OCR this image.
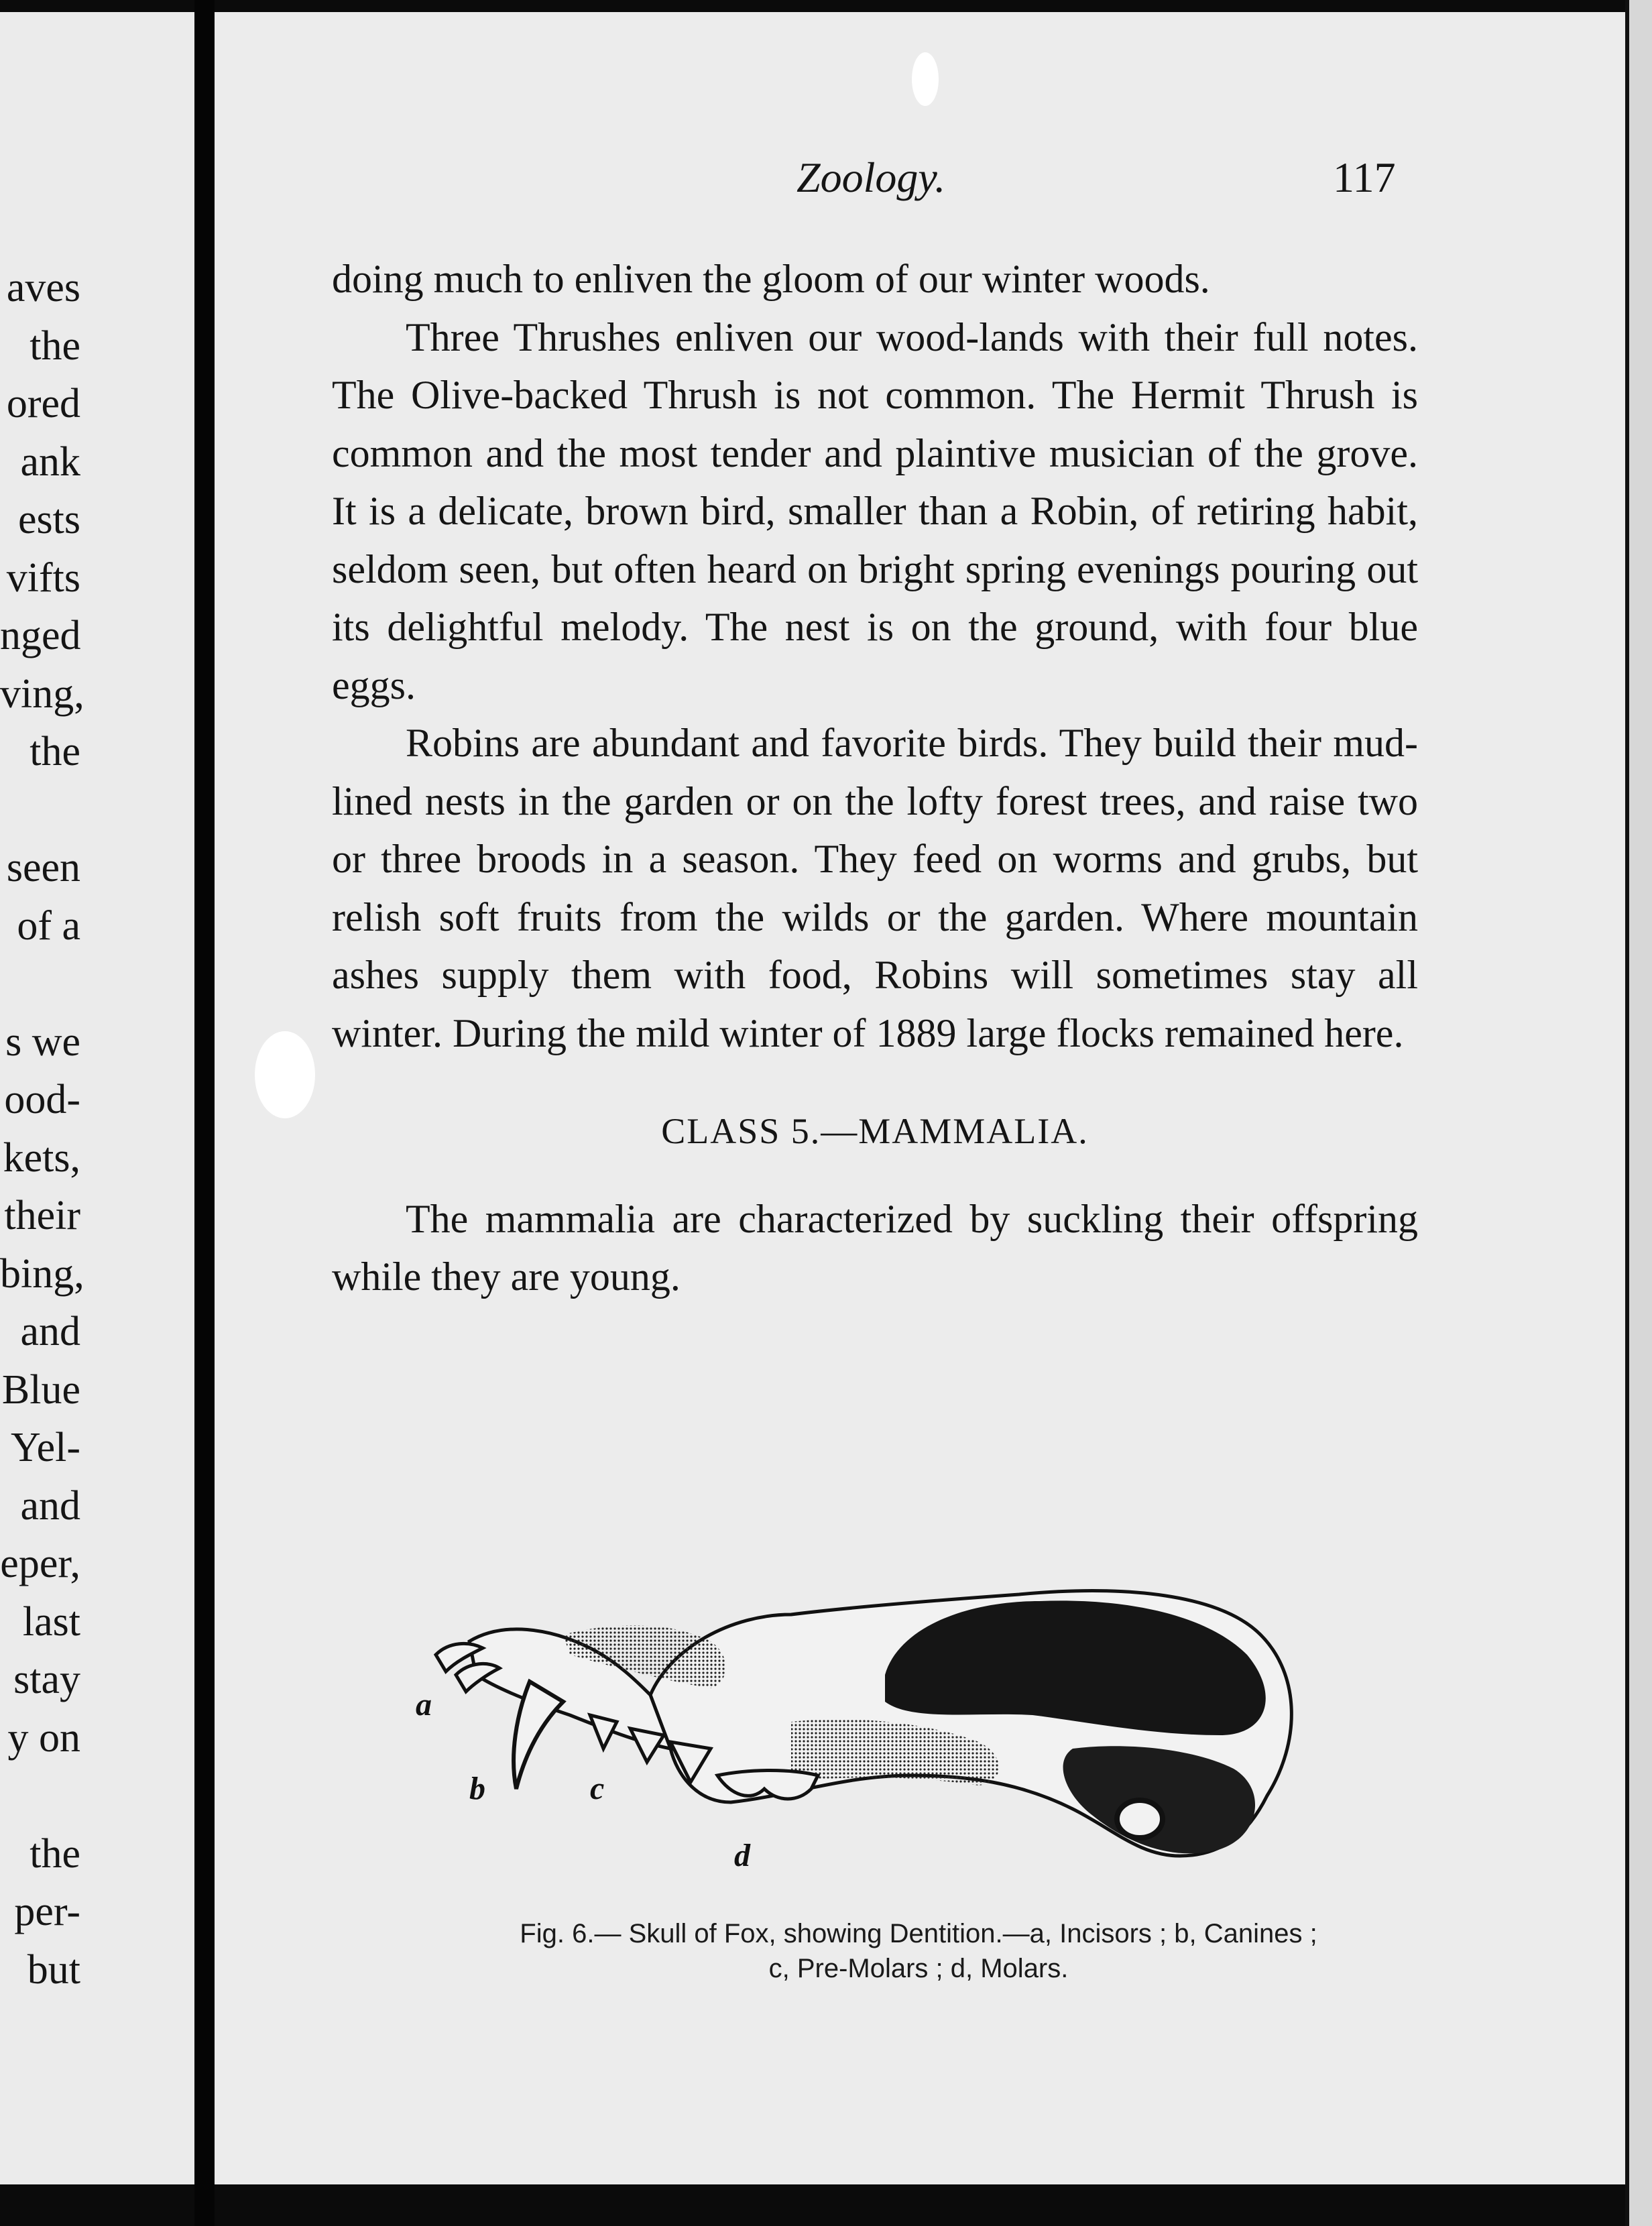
aves
the
ored
ank
ests
vifts
nged
ving,
the
seen
of a
s we
ood-
kets,
their
bing,
and
Blue
Yel-
and
eper,
last
stay
y on
the
per-
but
Zoology.	117

doing much to enliven the gloom of our winter woods.

Three Thrushes enliven our wood-lands with their full notes. The Olive-backed Thrush is not common. The Hermit Thrush is common and the most tender and plaintive musician of the grove. It is a delicate, brown bird, smaller than a Robin, of retiring habit, seldom seen, but often heard on bright spring evenings pouring out its delightful melody. The nest is on the ground, with four blue eggs.

Robins are abundant and favorite birds. They build their mud-lined nests in the garden or on the lofty forest trees, and raise two or three broods in a season. They feed on worms and grubs, but relish soft fruits from the wilds or the garden. Where mountain ashes supply them with food, Robins will sometimes stay all winter. During the mild winter of 1889 large flocks remained here.

CLASS 5.—MAMMALIA.

The mammalia are characterized by suckling their offspring while they are young.

a
b	c
d
Fig. 6.— Skull of Fox, showing Dentition.—a, Incisors ; b, Canines ;
c, Pre-Molars ; d, Molars.
